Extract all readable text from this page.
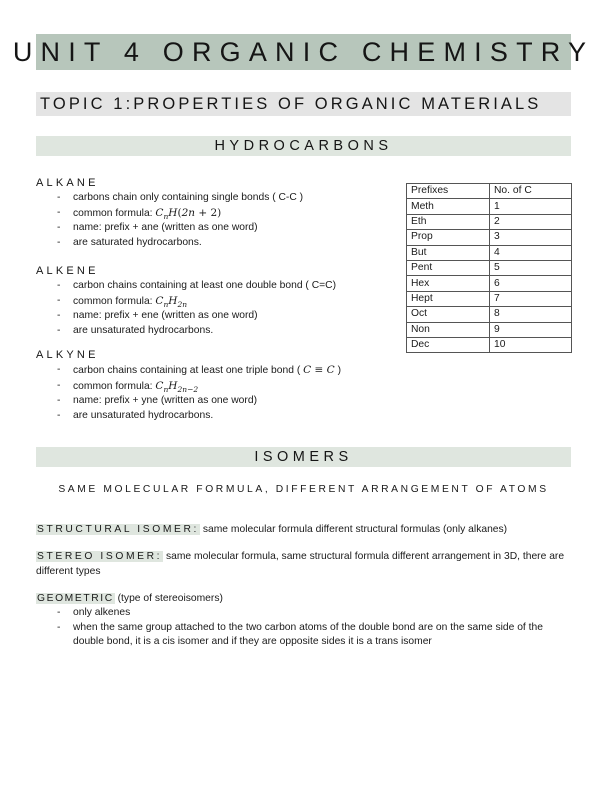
UNIT 4 ORGANIC CHEMISTRY
TOPIC 1:PROPERTIES OF ORGANIC MATERIALS
HYDROCARBONS
ALKANE
- carbons chain only containing single bonds ( C-C )
- common formula: $C_nH(2n + 2)$
- name: prefix + ane (written as one word)
- are saturated hydrocarbons.
ALKENE
- carbon chains containing at least one double bond ( C=C)
- common formula: $C_nH_{2n}$
- name: prefix + ene (written as one word)
- are unsaturated hydrocarbons.
ALKYNE
- carbon chains containing at least one triple bond ( C ≡ C )
- common formula: $C_nH_{2n-2}$
- name: prefix + yne (written as one word)
- are unsaturated hydrocarbons.
Prefixes	No. of C
Meth	1
Eth	2
Prop	3
But	4
Pent	5
Hex	6
Hept	7
Oct	8
Non	9
Dec	10
ISOMERS
SAME MOLECULAR FORMULA, DIFFERENT ARRANGEMENT OF ATOMS
STRUCTURAL ISOMER: same molecular formula different structural formulas (only alkanes)
STEREO ISOMER: same molecular formula, same structural formula different arrangement in 3D, there are different types
GEOMETRIC (type of stereoisomers)
- only alkenes
- when the same group attached to the two carbon atoms of the double bond are on the same side of the double bond, it is a cis isomer and if they are opposite sides it is a trans isomer
